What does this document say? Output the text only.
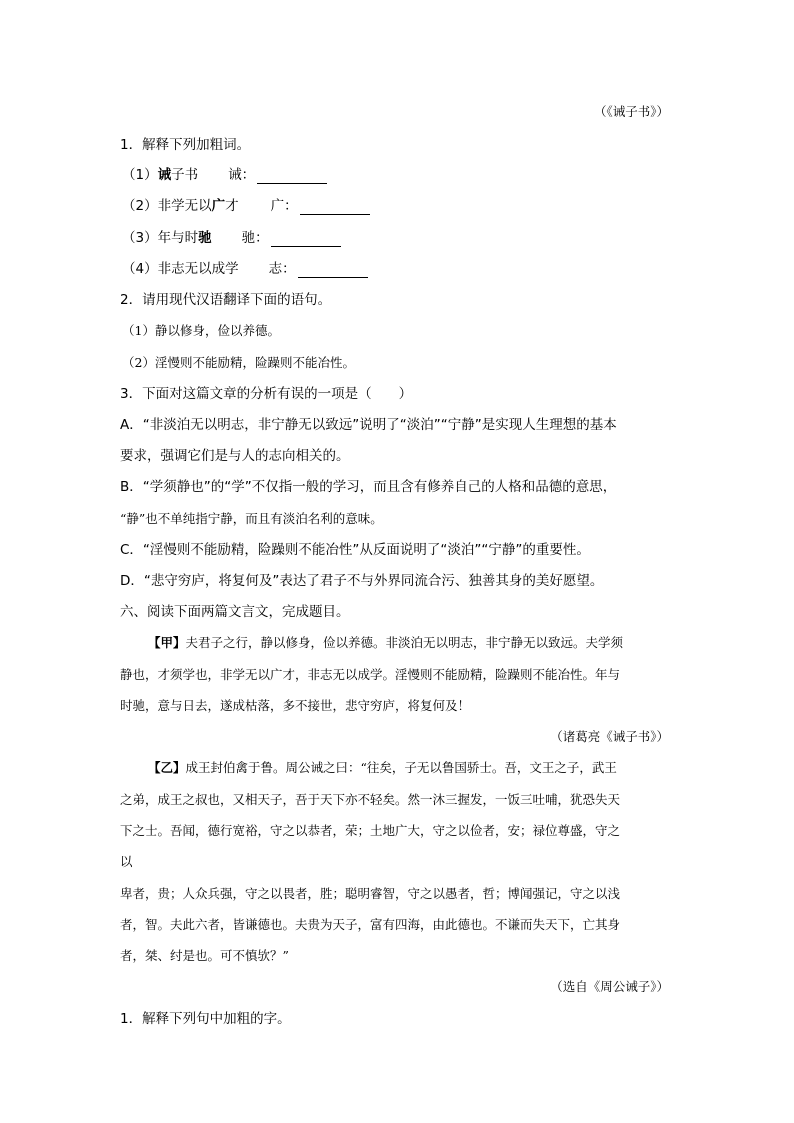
（《诫子书》）
1．解释下列加粗词。
（1）诫子书 诫：
（2）非学无以广才 广：
（3）年与时驰 驰：
（4）非志无以成学 志：
2．请用现代汉语翻译下面的语句。
（1）静以修身，俭以养德。
（2）淫慢则不能励精，险躁则不能冶性。
3．下面对这篇文章的分析有误的一项是（　　）
A．“非淡泊无以明志，非宁静无以致远”说明了“淡泊”“宁静”是实现人生理想的基本
要求，强调它们是与人的志向相关的。
B．“学须静也”的“学”不仅指一般的学习，而且含有修养自己的人格和品德的意思，
“静”也不单纯指宁静，而且有淡泊名利的意味。
C．“淫慢则不能励精，险躁则不能冶性”从反面说明了“淡泊”“宁静”的重要性。
D．“悲守穷庐，将复何及”表达了君子不与外界同流合污、独善其身的美好愿望。
六、阅读下面两篇文言文，完成题目。
【甲】夫君子之行，静以修身，俭以养德。非淡泊无以明志，非宁静无以致远。夫学须
静也，才须学也，非学无以广才，非志无以成学。淫慢则不能励精，险躁则不能冶性。年与
时驰，意与日去，遂成枯落，多不接世，悲守穷庐，将复何及！
（诸葛亮《诫子书》）
【乙】成王封伯禽于鲁。周公诫之曰：“往矣，子无以鲁国骄士。吾，文王之子，武王
之弟，成王之叔也，又相天子，吾于天下亦不轻矣。然一沐三握发，一饭三吐哺，犹恐失天
下之士。吾闻，德行宽裕，守之以恭者，荣；土地广大，守之以俭者，安；禄位尊盛，守之
以
卑者，贵；人众兵强，守之以畏者，胜；聪明睿智，守之以愚者，哲；博闻强记，守之以浅
者，智。夫此六者，皆谦德也。夫贵为天子，富有四海，由此德也。不谦而失天下，亡其身
者，桀、纣是也。可不慎欤？”
（选自《周公诫子》）
1．解释下列句中加粗的字。
